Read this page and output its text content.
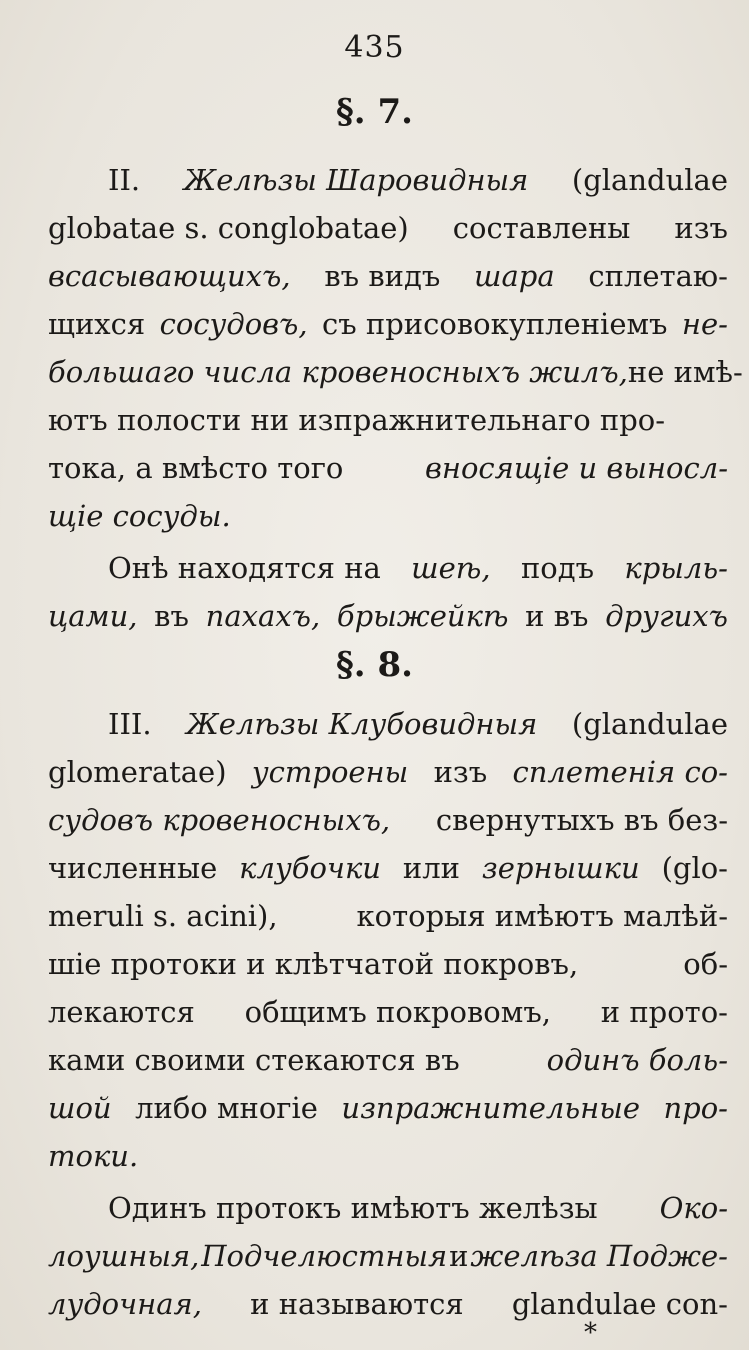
435
§. 7.
II. Желѣзы Шаровидныя (glandulae
globatae s. conglobatae) составлены изъ
всасывающихъ, въ видъ шара сплетаю-
щихся сосудовъ, съ присовокупленіемъ не-
большаго числа кровеносныхъ жилъ, не имѣ-
ютъ полости ни изпражнительнаго про-
тока, а вмѣсто того	вносящіе и выносл-
щіе сосуды.
Онѣ находятся на шеѣ, подъ крыль-
цами, въ пахахъ, брыжейкѣ и въ другихъ
§. 8.
III. Желѣзы Клубовидныя (glandulae
glomeratae) устроены изъ сплетенія со-
судовъ кровеносныхъ, свернутыхъ въ без-
численные клубочки или зернышки (glo-
meruli s. acini),	которыя имѣютъ малѣй-
шіе протоки и клѣтчатой покровъ,	об-
лекаются общимъ покровомъ, и прото-
ками своими стекаются въ	одинъ боль-
шой либо многіе изпражнительные про-
токи.
Одинъ протокъ имѣютъ желѣзы Око-
лоушныя, Подчелюстныя и желѣза Подже-
лудочная, и называются glandulae con-
*
